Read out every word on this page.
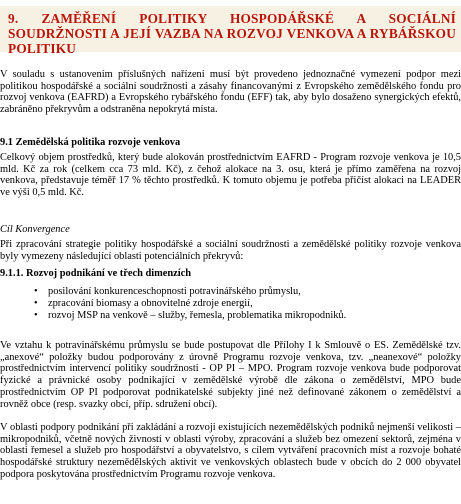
9. ZAMĚŘENÍ POLITIKY HOSPODÁŘSKÉ A SOCIÁLNÍ SOUDRŽNOSTI A JEJÍ VAZBA NA ROZVOJ VENKOVA A RYBÁŘSKOU POLITIKU
V souladu s ustanovením příslušných nařízení musí být provedeno jednoznačné vymezení podpor mezi politikou hospodářské a sociální soudržnosti a zásahy financovanými z Evropského zemědělského fondu pro rozvoj venkova (EAFRD) a Evropského rybářského fondu (EFF) tak, aby bylo dosaženo synergických efektů, zabráněno překryvům a odstraněna nepokrytá místa.
9.1 Zemědělská politika rozvoje venkova
Celkový objem prostředků, který bude alokován prostřednictvím EAFRD - Program rozvoje venkova je 10,5 mld. Kč za rok (celkem cca 73 mld. Kč), z čehož alokace na 3. osu, která je přímo zaměřena na rozvoj venkova, představuje téměř 17 % těchto prostředků. K tomuto objemu je potřeba přičíst alokaci na LEADER ve výši 0,5 mld. Kč.
Cíl Konvergence
Při zpracování strategie politiky hospodářské a sociální soudržnosti a zemědělské politiky rozvoje venkova byly vymezeny následující oblasti potenciálních překryvů:
9.1.1. Rozvoj podnikání ve třech dimenzích
• posilování konkurenceschopnosti potravinářského průmyslu,
• zpracování biomasy a obnovitelné zdroje energií,
• rozvoj MSP na venkově – služby, řemesla, problematika mikropodniků.
Ve vztahu k potravinářskému průmyslu se bude postupovat dle Přílohy I k Smlouvě o ES. Zemědělské tzv. „anexové“ položky budou podporovány z úrovně Programu rozvoje venkova, tzv. „neanexové“ položky prostřednictvím intervencí politiky soudržnosti - OP PI – MPO. Program rozvoje venkova bude podporovat fyzické a právnické osoby podnikající v zemědělské výrobě dle zákona o zemědělství, MPO bude prostřednictvím OP PI podporovat podnikatelské subjekty jiné než definované zákonem o zemědělství a rovněž obce (resp. svazky obcí, příp. sdružení obcí).
V oblasti podpory podnikání při zakládání a rozvoji existujících nezemědělských podniků nejmenší velikosti – mikropodniků, včetně nových živností v oblasti výroby, zpracování a služeb bez omezení sektorů, zejména v oblasti řemesel a služeb pro hospodářství a obyvatelstvo, s cílem vytváření pracovních míst a rozvoje bohaté hospodářské struktury nezemědělských aktivit ve venkovských oblastech bude v obcích do 2 000 obyvatel podpora poskytována prostřednictvím Programu rozvoje venkova.
